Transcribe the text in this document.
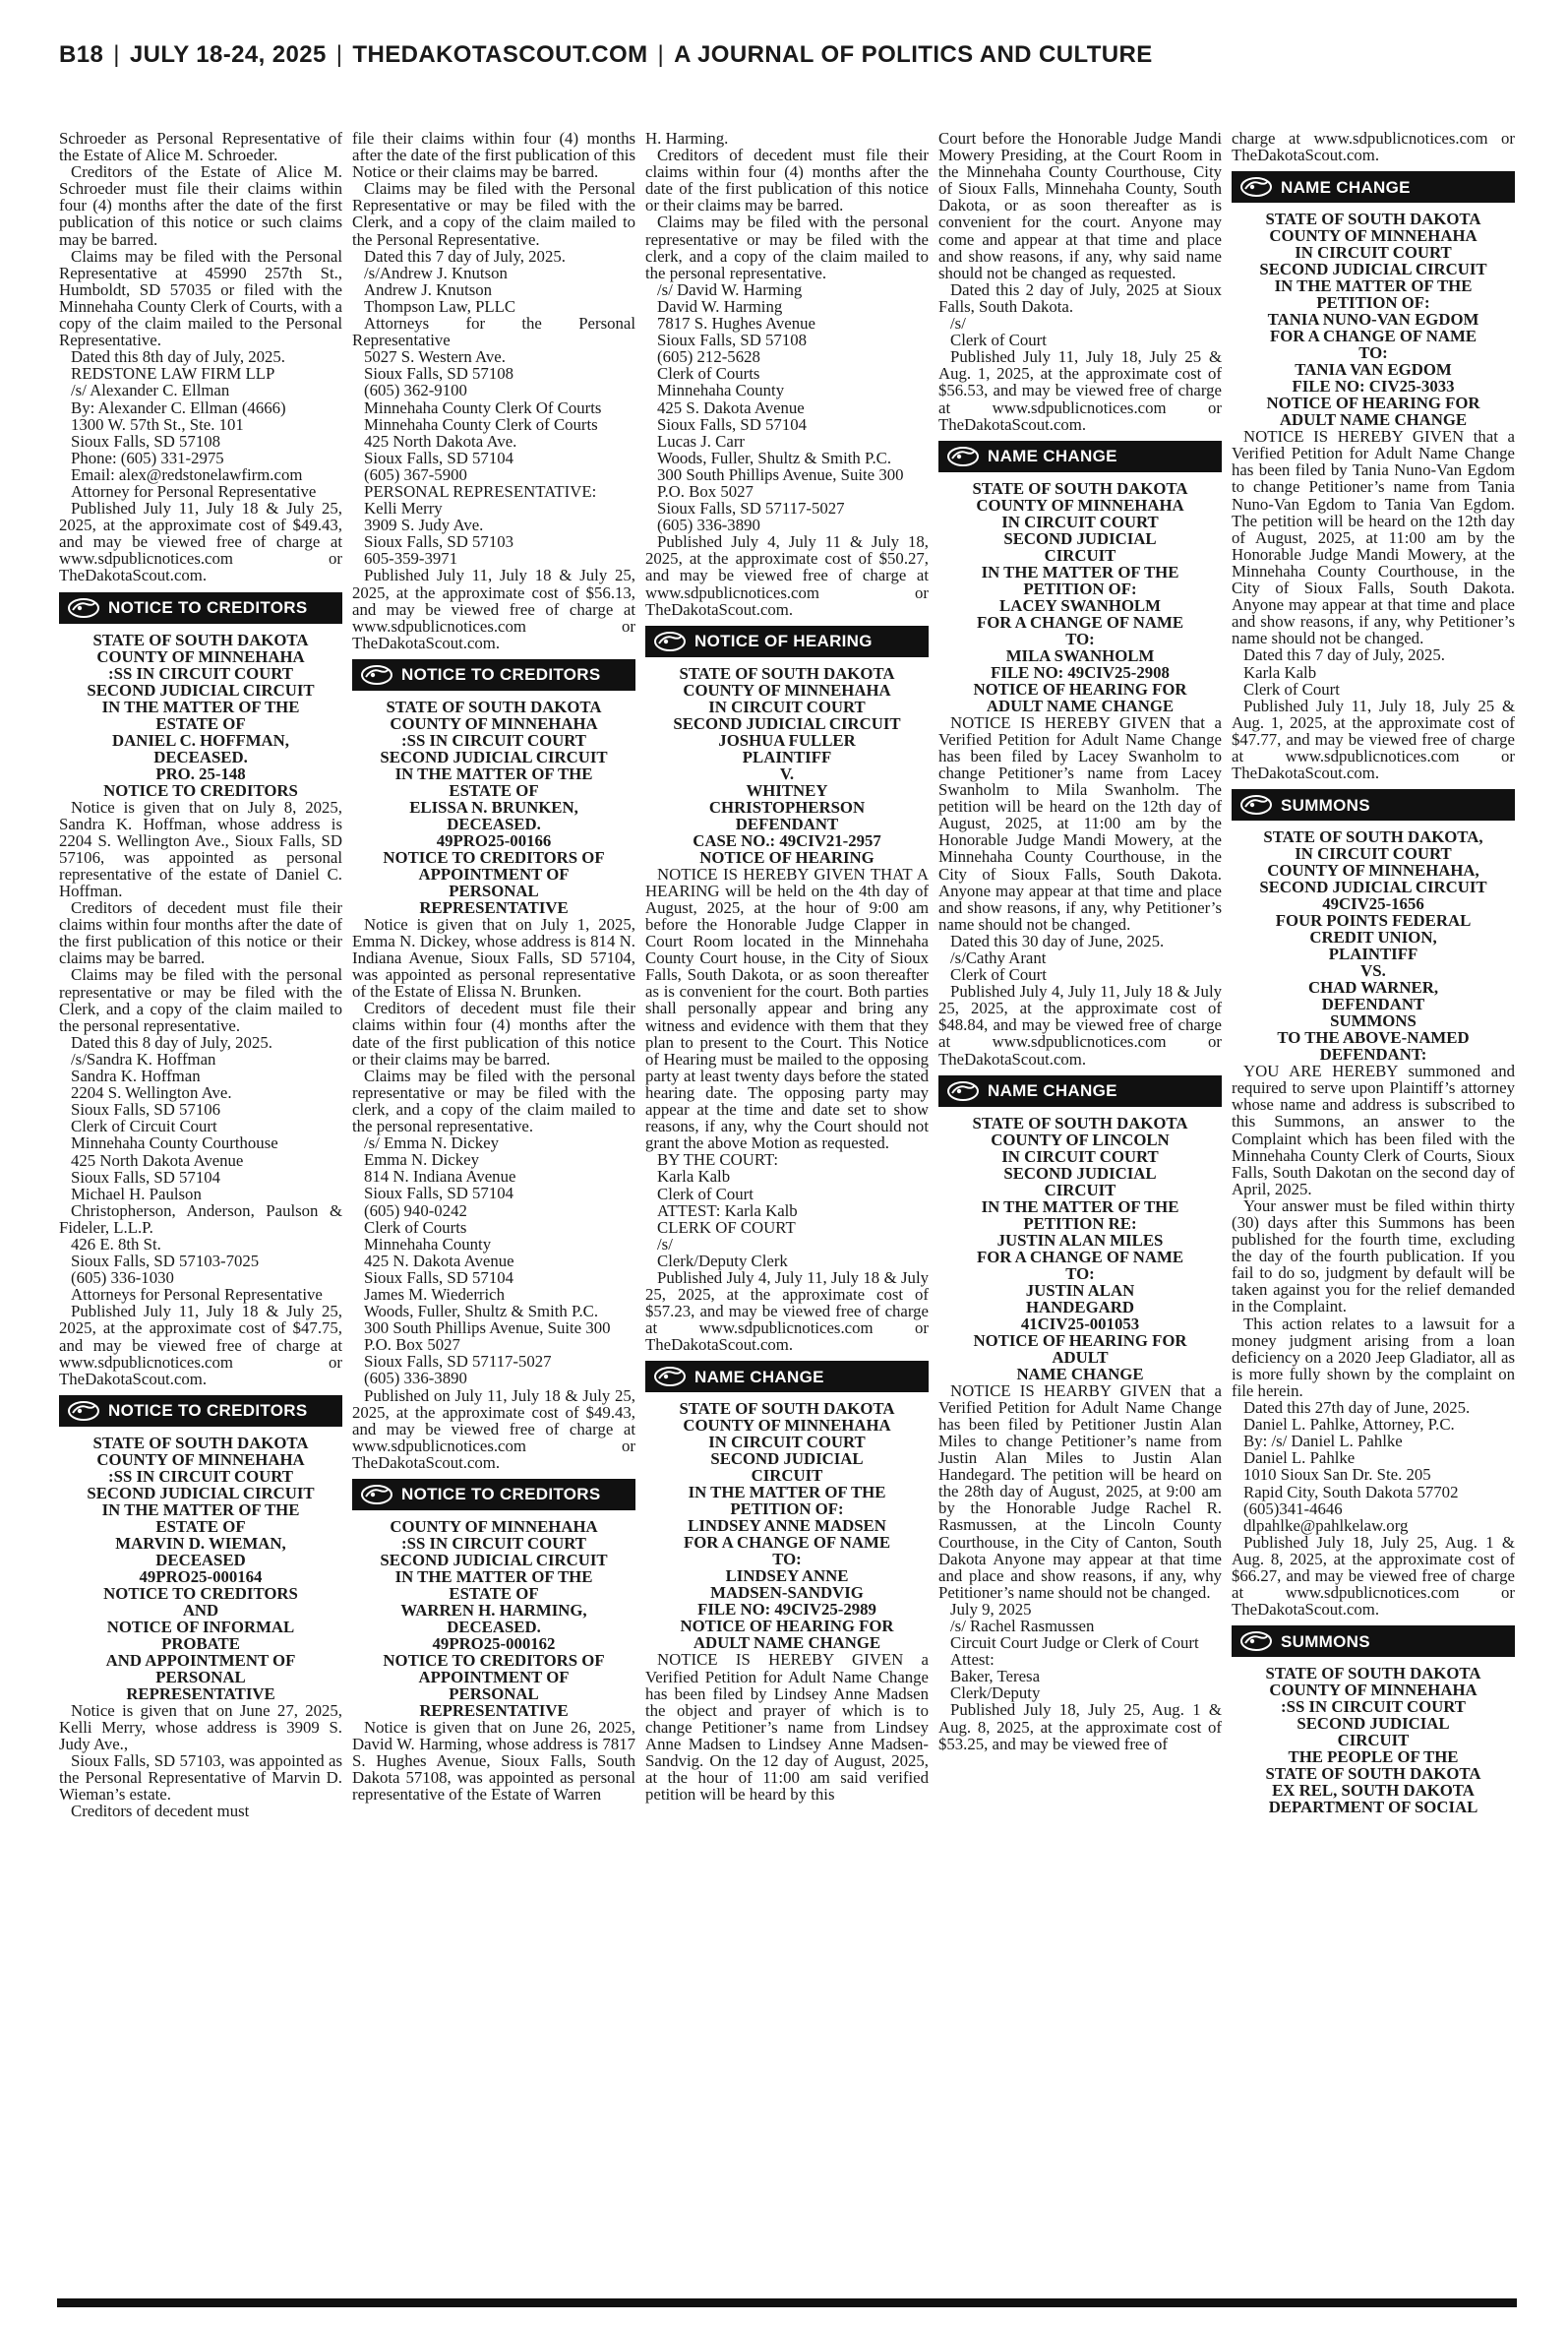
B18 | JULY 18-24, 2025 | THEDAKOTASCOUT.COM | A JOURNAL OF POLITICS AND CULTURE

Schroeder as Personal Representative of the Estate of Alice M. Schroeder.

Creditors of the Estate of Alice M. Schroeder must file their claims within four (4) months after the date of the first publication of this notice or such claims may be barred.

Claims may be filed with the Personal Representative at 45990 257th St., Humboldt, SD 57035 or filed with the Minnehaha County Clerk of Courts, with a copy of the claim mailed to the Personal Representative.

Dated this 8th day of July, 2025.

REDSTONE LAW FIRM LLP

/s/ Alexander C. Ellman

By: Alexander C. Ellman (4666)

1300 W. 57th St., Ste. 101

Sioux Falls, SD 57108

Phone: (605) 331-2975

Email: alex@redstonelawfirm.com

Attorney for Personal Representative

Published July 11, July 18 & July 25, 2025, at the approximate cost of $49.43, and may be viewed free of charge at www.sdpublicnotices.com or TheDakotaScout.com.

NOTICE TO CREDITORS

STATE OF SOUTH DAKOTA

COUNTY OF MINNEHAHA

:SS IN CIRCUIT COURT

SECOND JUDICIAL CIRCUIT

IN THE MATTER OF THE

ESTATE OF

DANIEL C. HOFFMAN,

DECEASED.

PRO. 25-148

NOTICE TO CREDITORS

Notice is given that on July 8, 2025, Sandra K. Hoffman, whose address is 2204 S. Wellington Ave., Sioux Falls, SD 57106, was appointed as personal representative of the estate of Daniel C. Hoffman.

Creditors of decedent must file their claims within four months after the date of the first publication of this notice or their claims may be barred.

Claims may be filed with the personal representative or may be filed with the Clerk, and a copy of the claim mailed to the personal representative.

Dated this 8 day of July, 2025.

/s/Sandra K. Hoffman

Sandra K. Hoffman

2204 S. Wellington Ave.

Sioux Falls, SD 57106

Clerk of Circuit Court

Minnehaha County Courthouse

425 North Dakota Avenue

Sioux Falls, SD 57104

Michael H. Paulson

Christopherson, Anderson, Paulson & Fideler, L.L.P.

426 E. 8th St.

Sioux Falls, SD 57103-7025

(605) 336-1030

Attorneys for Personal Representative

Published July 11, July 18 & July 25, 2025, at the approximate cost of $47.75, and may be viewed free of charge at www.sdpublicnotices.com or TheDakotaScout.com.

NOTICE TO CREDITORS

STATE OF SOUTH DAKOTA

COUNTY OF MINNEHAHA

:SS IN CIRCUIT COURT

SECOND JUDICIAL CIRCUIT

IN THE MATTER OF THE

ESTATE OF

MARVIN D. WIEMAN,

DECEASED

49PRO25-000164

NOTICE TO CREDITORS

AND

NOTICE OF INFORMAL

PROBATE

AND APPOINTMENT OF

PERSONAL

REPRESENTATIVE

Notice is given that on June 27, 2025, Kelli Merry, whose address is 3909 S. Judy Ave.,

Sioux Falls, SD 57103, was appointed as the Personal Representative of Marvin D. Wieman’s estate.

Creditors of decedent must

file their claims within four (4) months after the date of the first publication of this Notice or their claims may be barred.

Claims may be filed with the Personal Representative or may be filed with the Clerk, and a copy of the claim mailed to the Personal Representative.

Dated this 7 day of July, 2025.

/s/Andrew J. Knutson

Andrew J. Knutson

Thompson Law, PLLC

Attorneys for the Personal Representative

5027 S. Western Ave.

Sioux Falls, SD 57108

(605) 362-9100

Minnehaha County Clerk Of Courts

Minnehaha County Clerk of Courts

425 North Dakota Ave.

Sioux Falls, SD 57104

(605) 367-5900

PERSONAL REPRESENTATIVE:

Kelli Merry

3909 S. Judy Ave.

Sioux Falls, SD 57103

605-359-3971

Published July 11, July 18 & July 25, 2025, at the approximate cost of $56.13, and may be viewed free of charge at www.sdpublicnotices.com or TheDakotaScout.com.

NOTICE TO CREDITORS

STATE OF SOUTH DAKOTA

COUNTY OF MINNEHAHA

:SS IN CIRCUIT COURT

SECOND JUDICIAL CIRCUIT

IN THE MATTER OF THE

ESTATE OF

ELISSA N. BRUNKEN,

DECEASED.

49PRO25-00166

NOTICE TO CREDITORS OF

APPOINTMENT OF

PERSONAL

REPRESENTATIVE

Notice is given that on July 1, 2025, Emma N. Dickey, whose address is 814 N. Indiana Avenue, Sioux Falls, SD 57104, was appointed as personal representative of the Estate of Elissa N. Brunken.

Creditors of decedent must file their claims within four (4) months after the date of the first publication of this notice or their claims may be barred.

Claims may be filed with the personal representative or may be filed with the clerk, and a copy of the claim mailed to the personal representative.

/s/ Emma N. Dickey

Emma N. Dickey

814 N. Indiana Avenue

Sioux Falls, SD 57104

(605) 940-0242

Clerk of Courts

Minnehaha County

425 N. Dakota Avenue

Sioux Falls, SD 57104

James M. Wiederrich

Woods, Fuller, Shultz & Smith P.C.

300 South Phillips Avenue, Suite 300

P.O. Box 5027

Sioux Falls, SD 57117-5027

(605) 336-3890

Published on July 11, July 18 & July 25, 2025, at the approximate cost of $49.43, and may be viewed free of charge at www.sdpublicnotices.com or TheDakotaScout.com.

NOTICE TO CREDITORS

COUNTY OF MINNEHAHA

:SS IN CIRCUIT COURT

SECOND JUDICIAL CIRCUIT

IN THE MATTER OF THE

ESTATE OF

WARREN H. HARMING,

DECEASED.

49PRO25-000162

NOTICE TO CREDITORS OF

APPOINTMENT OF

PERSONAL

REPRESENTATIVE

Notice is given that on June 26, 2025, David W. Harming, whose address is 7817 S. Hughes Avenue, Sioux Falls, South Dakota 57108, was appointed as personal representative of the Estate of Warren

H. Harming.

Creditors of decedent must file their claims within four (4) months after the date of the first publication of this notice or their claims may be barred.

Claims may be filed with the personal representative or may be filed with the clerk, and a copy of the claim mailed to the personal representative.

/s/ David W. Harming

David W. Harming

7817 S. Hughes Avenue

Sioux Falls, SD 57108

(605) 212-5628

Clerk of Courts

Minnehaha County

425 S. Dakota Avenue

Sioux Falls, SD 57104

Lucas J. Carr

Woods, Fuller, Shultz & Smith P.C.

300 South Phillips Avenue, Suite 300

P.O. Box 5027

Sioux Falls, SD 57117-5027

(605) 336-3890

Published July 4, July 11 & July 18, 2025, at the approximate cost of $50.27, and may be viewed free of charge at www.sdpublicnotices.com or TheDakotaScout.com.

NOTICE OF HEARING

STATE OF SOUTH DAKOTA

COUNTY OF MINNEHAHA

IN CIRCUIT COURT

SECOND JUDICIAL CIRCUIT

JOSHUA FULLER

PLAINTIFF

V.

WHITNEY

CHRISTOPHERSON

DEFENDANT

CASE NO.: 49CIV21-2957

NOTICE OF HEARING

NOTICE IS HEREBY GIVEN THAT A HEARING will be held on the 4th day of August, 2025, at the hour of 9:00 am before the Honorable Judge Clapper in Court Room located in the Minnehaha County Court house, in the City of Sioux Falls, South Dakota, or as soon thereafter as is convenient for the court. Both parties shall personally appear and bring any witness and evidence with them that they plan to present to the Court. This Notice of Hearing must be mailed to the opposing party at least twenty days before the stated hearing date. The opposing party may appear at the time and date set to show reasons, if any, why the Court should not grant the above Motion as requested.

BY THE COURT:

Karla Kalb

Clerk of Court

ATTEST: Karla Kalb

CLERK OF COURT

/s/

Clerk/Deputy Clerk

Published July 4, July 11, July 18 & July 25, 2025, at the approximate cost of $57.23, and may be viewed free of charge at www.sdpublicnotices.com or TheDakotaScout.com.

NAME CHANGE

STATE OF SOUTH DAKOTA

COUNTY OF MINNEHAHA

IN CIRCUIT COURT

SECOND JUDICIAL

CIRCUIT

IN THE MATTER OF THE

PETITION OF:

LINDSEY ANNE MADSEN

FOR A CHANGE OF NAME

TO:

LINDSEY ANNE

MADSEN-SANDVIG

FILE NO: 49CIV25-2989

NOTICE OF HEARING FOR

ADULT NAME CHANGE

NOTICE IS HEREBY GIVEN a Verified Petition for Adult Name Change has been filed by Lindsey Anne Madsen the object and prayer of which is to change Petitioner’s name from Lindsey Anne Madsen to Lindsey Anne Madsen-Sandvig. On the 12 day of August, 2025, at the hour of 11:00 am said verified petition will be heard by this

Court before the Honorable Judge Mandi Mowery Presiding, at the Court Room in the Minnehaha County Courthouse, City of Sioux Falls, Minnehaha County, South Dakota, or as soon thereafter as is convenient for the court. Anyone may come and appear at that time and place and show reasons, if any, why said name should not be changed as requested.

Dated this 2 day of July, 2025 at Sioux Falls, South Dakota.

/s/

Clerk of Court

Published July 11, July 18, July 25 & Aug. 1, 2025, at the approximate cost of $56.53, and may be viewed free of charge at www.sdpublicnotices.com or TheDakotaScout.com.

NAME CHANGE

STATE OF SOUTH DAKOTA

COUNTY OF MINNEHAHA

IN CIRCUIT COURT

SECOND JUDICIAL

CIRCUIT

IN THE MATTER OF THE

PETITION OF:

LACEY SWANHOLM

FOR A CHANGE OF NAME

TO:

MILA SWANHOLM

FILE NO: 49CIV25-2908

NOTICE OF HEARING FOR

ADULT NAME CHANGE

NOTICE IS HEREBY GIVEN that a Verified Petition for Adult Name Change has been filed by Lacey Swanholm to change Petitioner’s name from Lacey Swanholm to Mila Swanholm. The petition will be heard on the 12th day of August, 2025, at 11:00 am by the Honorable Judge Mandi Mowery, at the Minnehaha County Courthouse, in the City of Sioux Falls, South Dakota. Anyone may appear at that time and place and show reasons, if any, why Petitioner’s name should not be changed.

Dated this 30 day of June, 2025.

/s/Cathy Arant

Clerk of Court

Published July 4, July 11, July 18 & July 25, 2025, at the approximate cost of $48.84, and may be viewed free of charge at www.sdpublicnotices.com or TheDakotaScout.com.

NAME CHANGE

STATE OF SOUTH DAKOTA

COUNTY OF LINCOLN

IN CIRCUIT COURT

SECOND JUDICIAL

CIRCUIT

IN THE MATTER OF THE

PETITION RE:

JUSTIN ALAN MILES

FOR A CHANGE OF NAME

TO:

JUSTIN ALAN

HANDEGARD

41CIV25-001053

NOTICE OF HEARING FOR

ADULT

NAME CHANGE

NOTICE IS HEARBY GIVEN that a Verified Petition for Adult Name Change has been filed by Petitioner Justin Alan Miles to change Petitioner’s name from Justin Alan Miles to Justin Alan Handegard. The petition will be heard on the 28th day of August, 2025, at 9:00 am by the Honorable Judge Rachel R. Rasmussen, at the Lincoln County Courthouse, in the City of Canton, South Dakota Anyone may appear at that time and place and show reasons, if any, why Petitioner’s name should not be changed.

July 9, 2025

/s/ Rachel Rasmussen

Circuit Court Judge or Clerk of Court

Attest:

Baker, Teresa

Clerk/Deputy

Published July 18, July 25, Aug. 1 & Aug. 8, 2025, at the approximate cost of $53.25, and may be viewed free of

charge at www.sdpublicnotices.com or TheDakotaScout.com.

NAME CHANGE

STATE OF SOUTH DAKOTA

COUNTY OF MINNEHAHA

IN CIRCUIT COURT

SECOND JUDICIAL CIRCUIT

IN THE MATTER OF THE

PETITION OF:

TANIA NUNO-VAN EGDOM

FOR A CHANGE OF NAME

TO:

TANIA VAN EGDOM

FILE NO: CIV25-3033

NOTICE OF HEARING FOR

ADULT NAME CHANGE

NOTICE IS HEREBY GIVEN that a Verified Petition for Adult Name Change has been filed by Tania Nuno-Van Egdom to change Petitioner’s name from Tania Nuno-Van Egdom to Tania Van Egdom. The petition will be heard on the 12th day of August, 2025, at 11:00 am by the Honorable Judge Mandi Mowery, at the Minnehaha County Courthouse, in the City of Sioux Falls, South Dakota. Anyone may appear at that time and place and show reasons, if any, why Petitioner’s name should not be changed.

Dated this 7 day of July, 2025.

Karla Kalb

Clerk of Court

Published July 11, July 18, July 25 & Aug. 1, 2025, at the approximate cost of $47.77, and may be viewed free of charge at www.sdpublicnotices.com or TheDakotaScout.com.

SUMMONS

STATE OF SOUTH DAKOTA,

IN CIRCUIT COURT

COUNTY OF MINNEHAHA,

SECOND JUDICIAL CIRCUIT

49CIV25-1656

FOUR POINTS FEDERAL

CREDIT UNION,

PLAINTIFF

VS.

CHAD WARNER,

DEFENDANT

SUMMONS

TO THE ABOVE-NAMED

DEFENDANT:

YOU ARE HEREBY summoned and required to serve upon Plaintiff’s attorney whose name and address is subscribed to this Summons, an answer to the Complaint which has been filed with the Minnehaha County Clerk of Courts, Sioux Falls, South Dakotan on the second day of April, 2025.

Your answer must be filed within thirty (30) days after this Summons has been published for the fourth time, excluding the day of the fourth publication. If you fail to do so, judgment by default will be taken against you for the relief demanded in the Complaint.

This action relates to a lawsuit for a money judgment arising from a loan deficiency on a 2020 Jeep Gladiator, all as is more fully shown by the complaint on file herein.

Dated this 27th day of June, 2025.

Daniel L. Pahlke, Attorney, P.C.

By: /s/ Daniel L. Pahlke

Daniel L. Pahlke

1010 Sioux San Dr. Ste. 205

Rapid City, South Dakota 57702

(605)341-4646

dlpahlke@pahlkelaw.org

Published July 18, July 25, Aug. 1 & Aug. 8, 2025, at the approximate cost of $66.27, and may be viewed free of charge at www.sdpublicnotices.com or TheDakotaScout.com.

SUMMONS

STATE OF SOUTH DAKOTA

COUNTY OF MINNEHAHA

:SS IN CIRCUIT COURT

SECOND JUDICIAL

CIRCUIT

THE PEOPLE OF THE

STATE OF SOUTH DAKOTA

EX REL, SOUTH DAKOTA

DEPARTMENT OF SOCIAL
